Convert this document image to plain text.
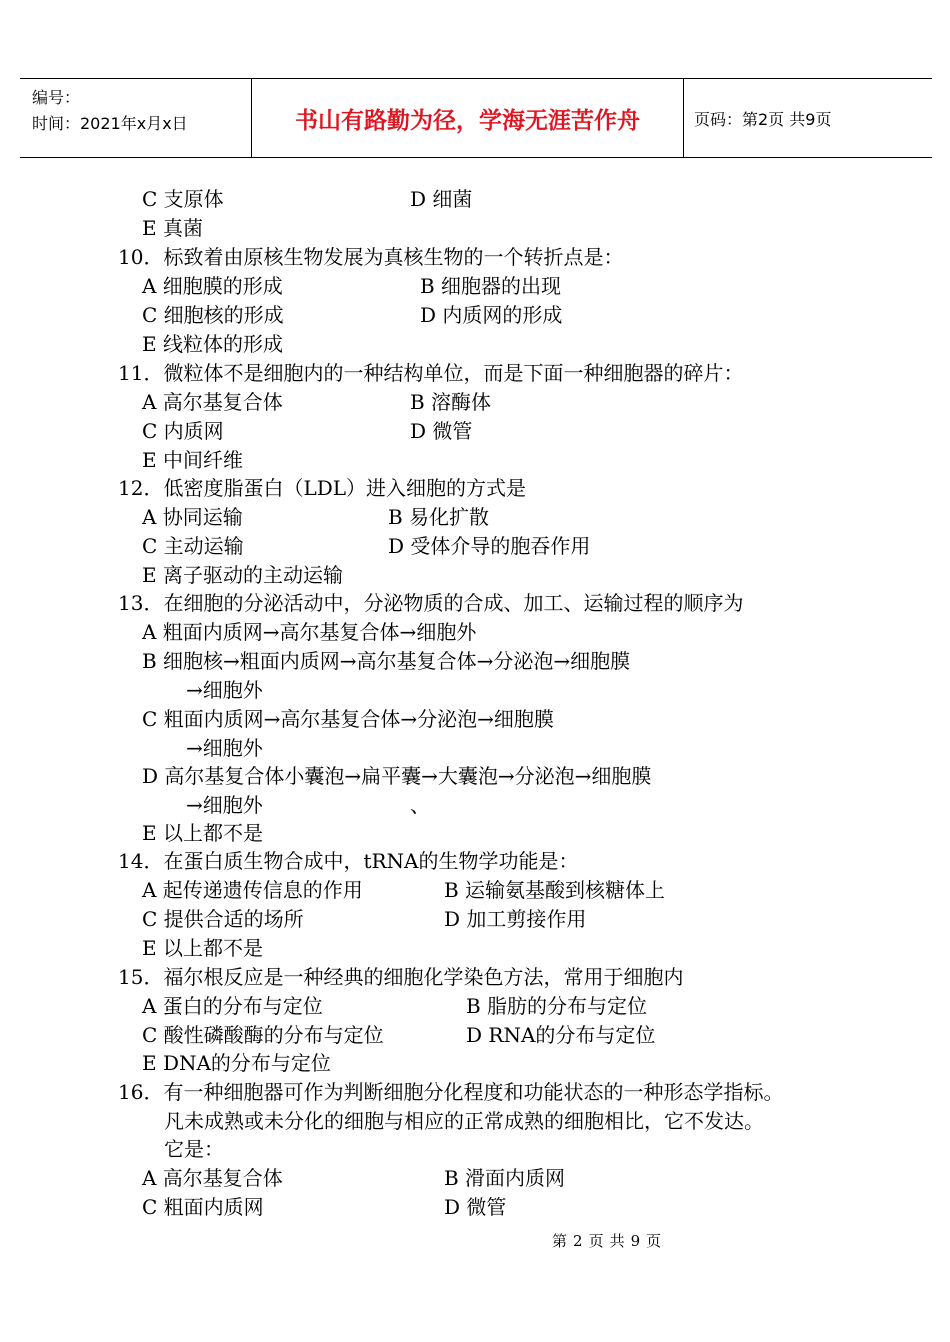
编号：
时间：2021年x月x日	书山有路勤为径，学海无涯苦作舟	页码：第2页 共9页
C 支原体	D 细菌
E 真菌
10．标致着由原核生物发展为真核生物的一个转折点是：
A 细胞膜的形成	B 细胞器的出现
C 细胞核的形成	D 内质网的形成
E 线粒体的形成
11．微粒体不是细胞内的一种结构单位，而是下面一种细胞器的碎片：
A 高尔基复合体	B 溶酶体
C 内质网	D 微管
E 中间纤维
12．低密度脂蛋白（LDL）进入细胞的方式是
A 协同运输	B 易化扩散
C 主动运输	D 受体介导的胞吞作用
E 离子驱动的主动运输
13．在细胞的分泌活动中，分泌物质的合成、加工、运输过程的顺序为
A 粗面内质网→高尔基复合体→细胞外
B 细胞核→粗面内质网→高尔基复合体→分泌泡→细胞膜
→细胞外
C 粗面内质网→高尔基复合体→分泌泡→细胞膜
→细胞外
D 高尔基复合体小囊泡→扁平囊→大囊泡→分泌泡→细胞膜
→细胞外	、
E 以上都不是
14．在蛋白质生物合成中，tRNA的生物学功能是：
A 起传递遗传信息的作用	B 运输氨基酸到核糖体上
C 提供合适的场所	D 加工剪接作用
E 以上都不是
15．福尔根反应是一种经典的细胞化学染色方法，常用于细胞内
A 蛋白的分布与定位	B 脂肪的分布与定位
C 酸性磷酸酶的分布与定位	D RNA的分布与定位
E DNA的分布与定位
16．有一种细胞器可作为判断细胞分化程度和功能状态的一种形态学指标。
凡未成熟或未分化的细胞与相应的正常成熟的细胞相比，它不发达。
它是：
A 高尔基复合体	B 滑面内质网
C 粗面内质网	D 微管
第 2 页 共 9 页
